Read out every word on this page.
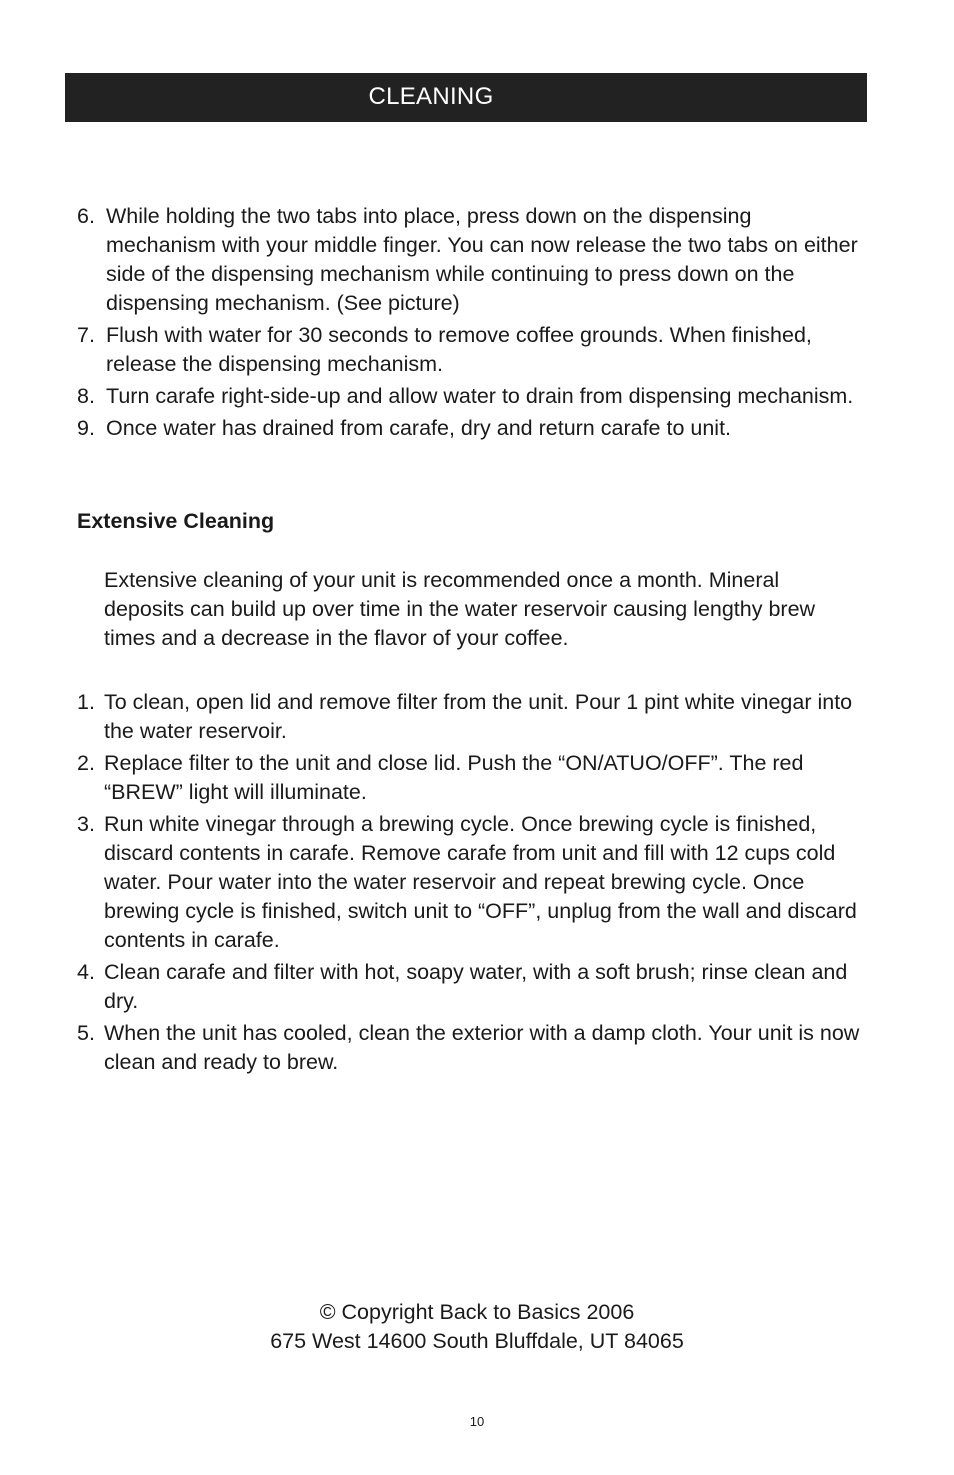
CLEANING
6. While holding the two tabs into place, press down on the dispensing mechanism with your middle finger. You can now release the two tabs on either side of the dispensing mechanism while continuing to press down on the dispensing mechanism. (See picture)
7. Flush with water for 30 seconds to remove coffee grounds. When finished, release the dispensing mechanism.
8. Turn carafe right-side-up and allow water to drain from dispensing mechanism.
9. Once water has drained from carafe, dry and return carafe to unit.
Extensive Cleaning

Extensive cleaning of your unit is recommended once a month. Mineral deposits can build up over time in the water reservoir causing lengthy brew times and a decrease in the flavor of your coffee.

1. To clean, open lid and remove filter from the unit. Pour 1 pint white vinegar into the water reservoir.
2. Replace filter to the unit and close lid. Push the “ON/ATUO/OFF”. The red “BREW” light will illuminate.
3. Run white vinegar through a brewing cycle. Once brewing cycle is finished, discard contents in carafe. Remove carafe from unit and fill with 12 cups cold water. Pour water into the water reservoir and repeat brewing cycle. Once brewing cycle is finished, switch unit to “OFF”, unplug from the wall and discard contents in carafe.
4. Clean carafe and filter with hot, soapy water, with a soft brush; rinse clean and dry.
5. When the unit has cooled, clean the exterior with a damp cloth. Your unit is now clean and ready to brew.
© Copyright Back to Basics 2006
675 West 14600 South Bluffdale, UT 84065
10
